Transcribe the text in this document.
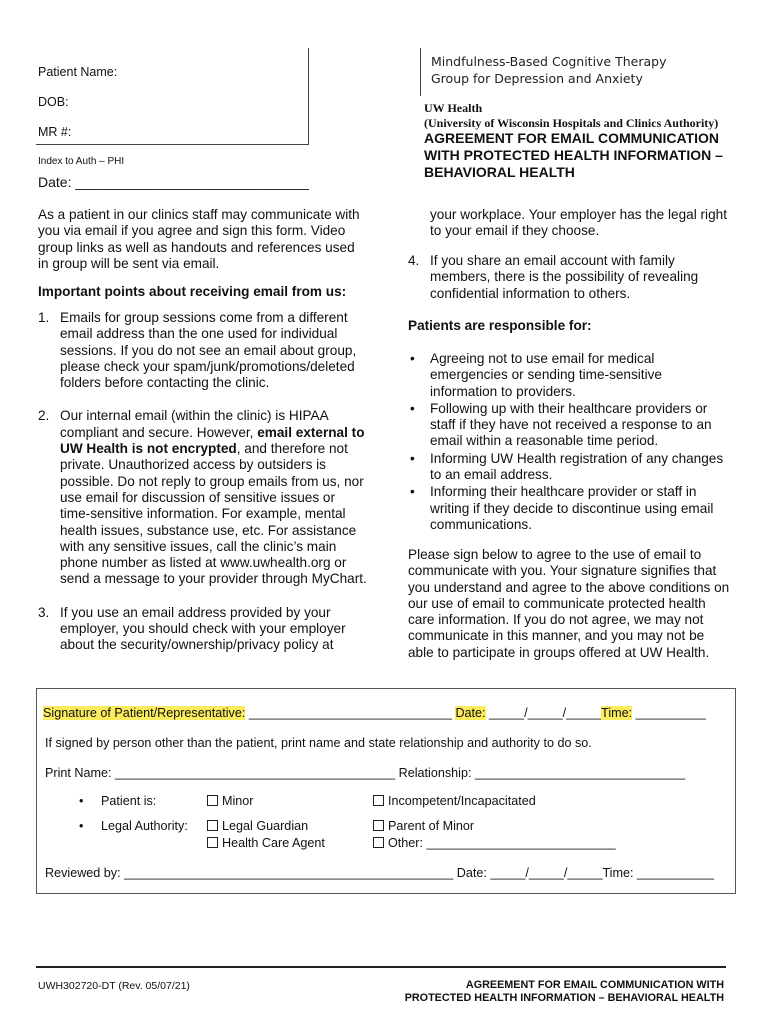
Patient Name:
DOB:
MR #:
Index to Auth – PHI
Date: ______________________________
Mindfulness-Based Cognitive Therapy
Group for Depression and Anxiety
UW Health
(University of Wisconsin Hospitals and Clinics Authority)
AGREEMENT FOR EMAIL COMMUNICATION
WITH PROTECTED HEALTH INFORMATION –
BEHAVIORAL HEALTH
As a patient in our clinics staff may communicate with you via email if you agree and sign this form. Video group links as well as handouts and references used in group will be sent via email.
Important points about receiving email from us:
1. Emails for group sessions come from a different email address than the one used for individual sessions. If you do not see an email about group, please check your spam/junk/promotions/deleted folders before contacting the clinic.
2. Our internal email (within the clinic) is HIPAA compliant and secure. However, email external to UW Health is not encrypted, and therefore not private. Unauthorized access by outsiders is possible. Do not reply to group emails from us, nor use email for discussion of sensitive issues or time-sensitive information. For example, mental health issues, substance use, etc. For assistance with any sensitive issues, call the clinic’s main phone number as listed at www.uwhealth.org or send a message to your provider through MyChart.
3. If you use an email address provided by your employer, you should check with your employer about the security/ownership/privacy policy at
your workplace. Your employer has the legal right to your email if they choose.
4. If you share an email account with family members, there is the possibility of revealing confidential information to others.
Patients are responsible for:
• Agreeing not to use email for medical emergencies or sending time-sensitive information to providers.
• Following up with their healthcare providers or staff if they have not received a response to an email within a reasonable time period.
• Informing UW Health registration of any changes to an email address.
• Informing their healthcare provider or staff in writing if they decide to discontinue using email communications.
Please sign below to agree to the use of email to communicate with you. Your signature signifies that you understand and agree to the above conditions on our use of email to communicate protected health care information. If you do not agree, we may not communicate in this manner, and you may not be able to participate in groups offered at UW Health.
Signature of Patient/Representative: _____________________________ Date: _____/_____/_____Time: __________
If signed by person other than the patient, print name and state relationship and authority to do so.
Print Name: ________________________________________ Relationship: ______________________________
• Patient is:	Minor	Incompetent/Incapacitated
• Legal Authority:	Legal Guardian	Parent of Minor
Health Care Agent	Other: ___________________________
Reviewed by: _______________________________________________ Date: _____/_____/_____Time: ___________
UWH302720-DT (Rev. 05/07/21)	AGREEMENT FOR EMAIL COMMUNICATION WITH
PROTECTED HEALTH INFORMATION – BEHAVIORAL HEALTH
